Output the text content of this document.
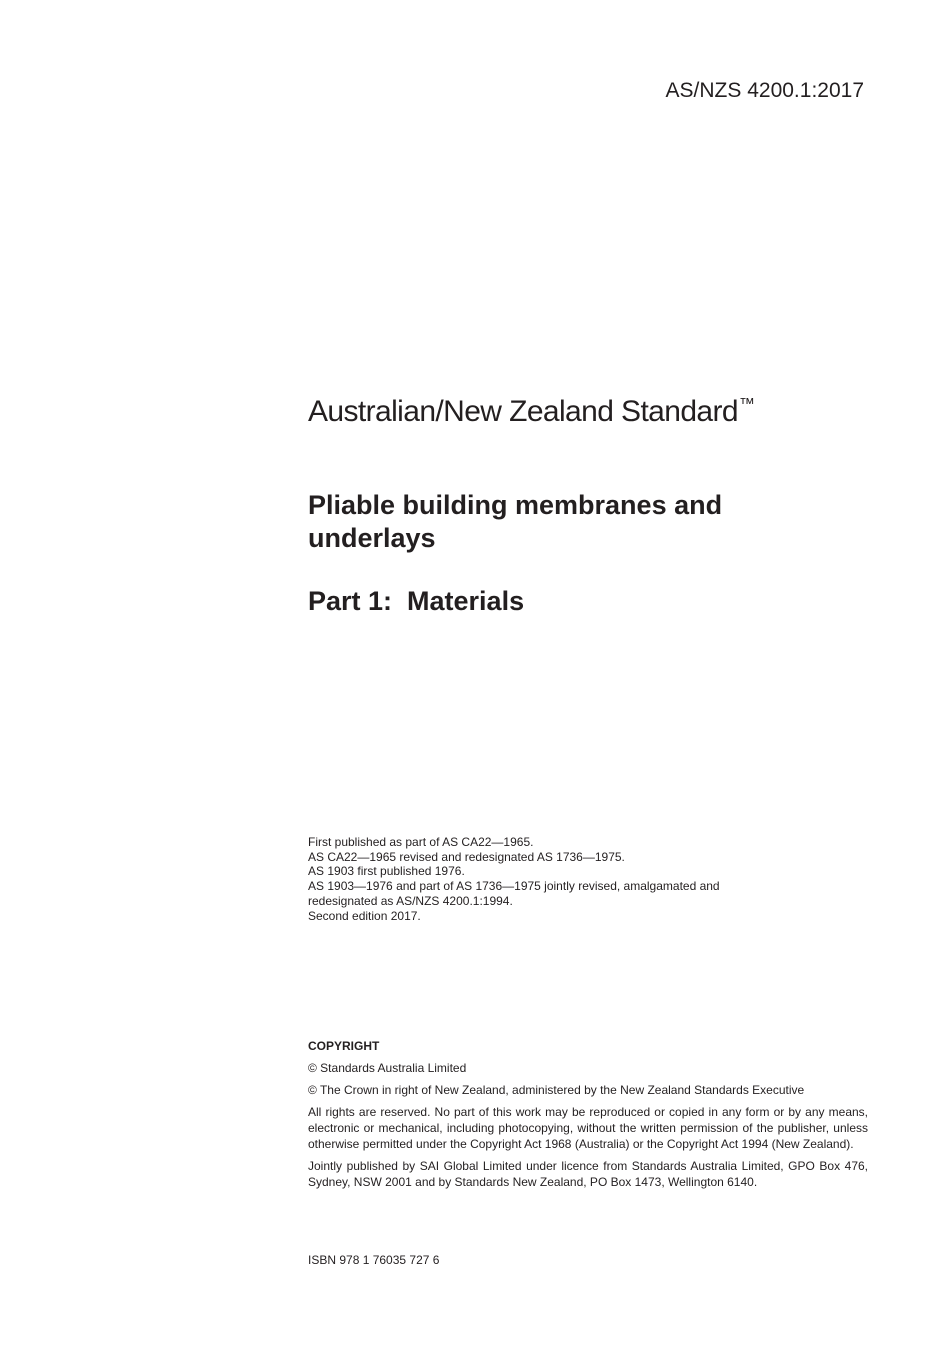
AS/NZS 4200.1:2017
Australian/New Zealand Standard™
Pliable building membranes and underlays
Part 1:  Materials
First published as part of AS CA22—1965.
AS CA22—1965 revised and redesignated AS 1736—1975.
AS 1903 first published 1976.
AS 1903—1976 and part of AS 1736—1975 jointly revised, amalgamated and
redesignated as AS/NZS 4200.1:1994.
Second edition 2017.
COPYRIGHT

© Standards Australia Limited

© The Crown in right of New Zealand, administered by the New Zealand Standards Executive

All rights are reserved. No part of this work may be reproduced or copied in any form or by any means, electronic or mechanical, including photocopying, without the written permission of the publisher, unless otherwise permitted under the Copyright Act 1968 (Australia) or the Copyright Act 1994 (New Zealand).

Jointly published by SAI Global Limited under licence from Standards Australia Limited, GPO Box 476, Sydney, NSW 2001 and by Standards New Zealand, PO Box 1473, Wellington 6140.

ISBN 978 1 76035 727 6
